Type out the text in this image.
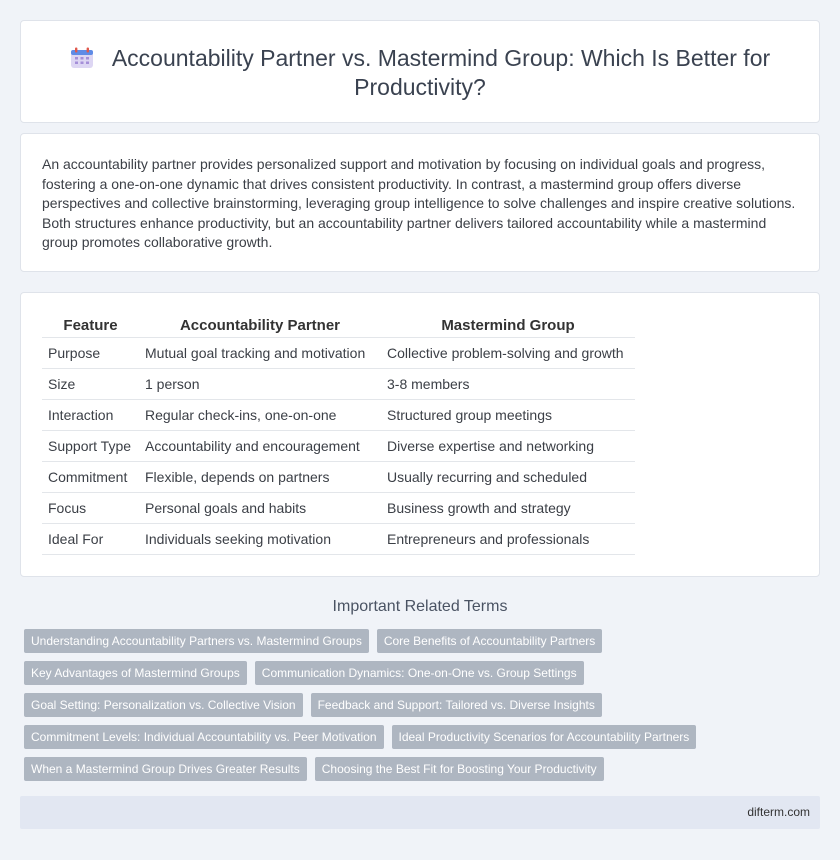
Accountability Partner vs. Mastermind Group: Which Is Better for Productivity?

An accountability partner provides personalized support and motivation by focusing on individual goals and progress, fostering a one-on-one dynamic that drives consistent productivity. In contrast, a mastermind group offers diverse perspectives and collective brainstorming, leveraging group intelligence to solve challenges and inspire creative solutions. Both structures enhance productivity, but an accountability partner delivers tailored accountability while a mastermind group promotes collaborative growth.

Feature	Accountability Partner	Mastermind Group
Purpose	Mutual goal tracking and motivation	Collective problem-solving and growth
Size	1 person	3-8 members
Interaction	Regular check-ins, one-on-one	Structured group meetings
Support Type	Accountability and encouragement	Diverse expertise and networking
Commitment	Flexible, depends on partners	Usually recurring and scheduled
Focus	Personal goals and habits	Business growth and strategy
Ideal For	Individuals seeking motivation	Entrepreneurs and professionals
Important Related Terms
Understanding Accountability Partners vs. Mastermind Groups	Core Benefits of Accountability Partners
Key Advantages of Mastermind Groups	Communication Dynamics: One-on-One vs. Group Settings
Goal Setting: Personalization vs. Collective Vision	Feedback and Support: Tailored vs. Diverse Insights
Commitment Levels: Individual Accountability vs. Peer Motivation	Ideal Productivity Scenarios for Accountability Partners
When a Mastermind Group Drives Greater Results	Choosing the Best Fit for Boosting Your Productivity
difterm.com
